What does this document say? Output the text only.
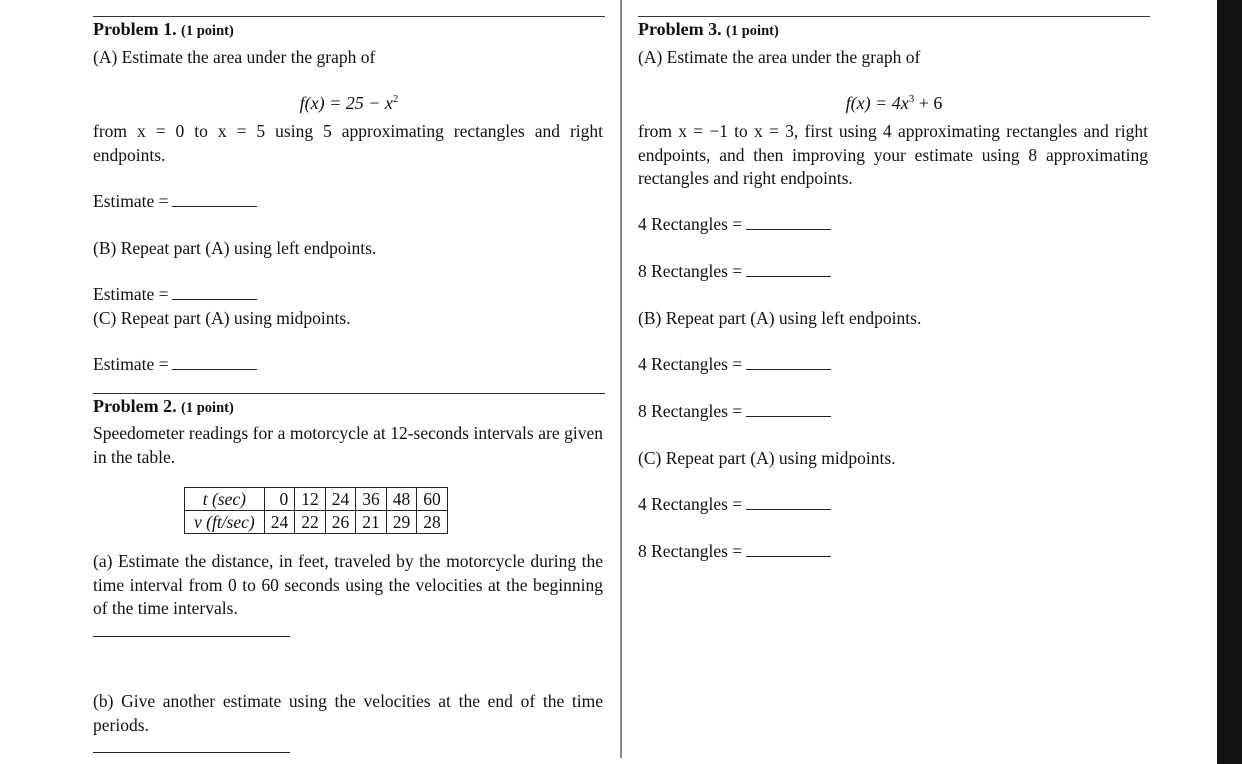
Problem 1. (1 point)
(A) Estimate the area under the graph of
$f(x) = 25 - x^2$
from x = 0 to x = 5 using 5 approximating rectangles and right endpoints.
Estimate =
(B) Repeat part (A) using left endpoints.
Estimate =
(C) Repeat part (A) using midpoints.
Estimate =
Problem 2. (1 point)
Speedometer readings for a motorcycle at 12-seconds intervals are given in the table.
t (sec)	0	12	24	36	48	60
v (ft/sec)	24	22	26	21	29	28
(a) Estimate the distance, in feet, traveled by the motorcycle during the time interval from 0 to 60 seconds using the velocities at the beginning of the time intervals.
(b) Give another estimate using the velocities at the end of the time periods.
Problem 3. (1 point)
(A) Estimate the area under the graph of
$f(x) = 4x^3 + 6$
from x = −1 to x = 3, first using 4 approximating rectangles and right endpoints, and then improving your estimate using 8 approximating rectangles and right endpoints.
4 Rectangles =
8 Rectangles =
(B) Repeat part (A) using left endpoints.
4 Rectangles =
8 Rectangles =
(C) Repeat part (A) using midpoints.
4 Rectangles =
8 Rectangles =
